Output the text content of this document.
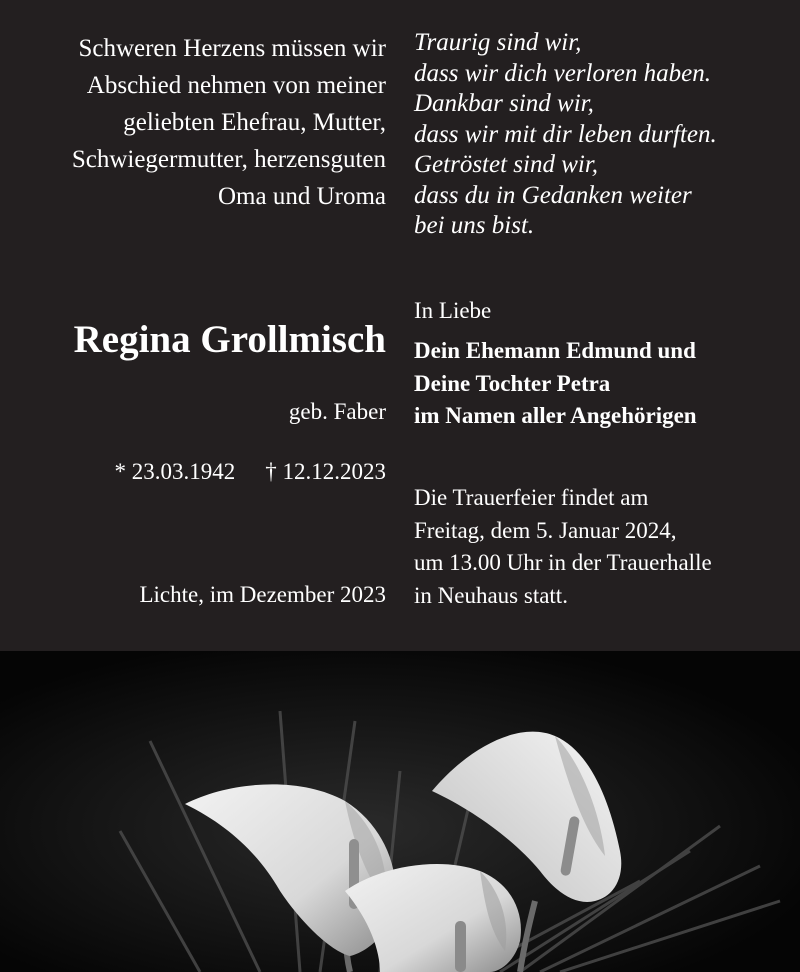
Schweren Herzens müssen wir
Abschied nehmen von meiner
geliebten Ehefrau, Mutter,
Schwiegermutter, herzensguten
Oma und Uroma
Traurig sind wir,
dass wir dich verloren haben.
Dankbar sind wir,
dass wir mit dir leben durften.
Getröstet sind wir,
dass du in Gedanken weiter
bei uns bist.
Regina Grollmisch
geb. Faber
* 23.03.1942 † 12.12.2023
Lichte, im Dezember 2023
In Liebe
Dein Ehemann Edmund und
Deine Tochter Petra
im Namen aller Angehörigen
Die Trauerfeier findet am
Freitag, dem 5. Januar 2024,
um 13.00 Uhr in der Trauerhalle
in Neuhaus statt.
